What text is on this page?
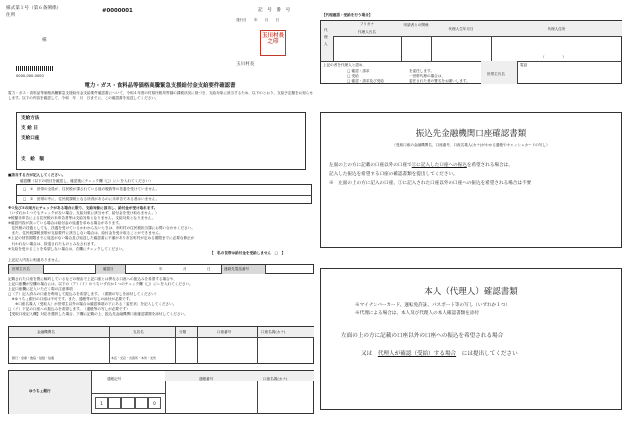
様式第１号（第６条関係）
住所
#0000001	記　号　番　号
発行日　　年　　月　　日
様
玉川村長之印
玉川村長
0000-000-0000
電力・ガス・食料品等価格高騰緊急支援給付金支給要件確認書
電力・ガス・食料品等価格高騰緊急支援給付金支給要件確認書について、令和４年度の村県民税均等割の課税状況に基づき、支給対象に該当するため、以下のとおり、支給予定額をお知らせします。以下の内容を確認して、令和　年　月　日までに、この確認書を返送してください。
支給方法
支 給 日
支給口座
支　給　額
■該当する方が記入してください。
確認欄（以下の項目を確認し、確認後にチェック欄（□）にレを入れてください）
□　①　世帯の全員が、住民税が課されている他の親族等の扶養を受けていません。
□　②　世帯の中に、住民税課税となる所得があるのに未申告である者はいません。
※①及び②の両方にチェックがある場合に限り、支給対象に該当し、給付金が受け取れます。
（いずれか１つでもチェックがない場合、支給対象に該当せず、給付金を受け取れません。）
※税額未申告による住民税の未申告者等は支給対象となりません。支給対象となりません。
※確認内容が誤っている場合は給付金の返還を求める場合があります。
　住民税の扶養としても、扶養を受けているかわからないときは、市町村の住民税担当課にお問い合わせください。
　また、住民税課税世帯が支給要件に該当しない場合は、給付金を受け取ることができません。
※上記の回答期限までに返送がない場合及び返送した確認書に不備があり市区町村が定める期限までに必要な修正が
　行われない場合は、辞退されたものとみなされます。
※支給を受けることを希望しない場合は、右欄にチェックしてください。
【　私の世帯は給付金を受給しません　□　】
上記記入内容に相違ありません。
世帯主氏名	確認日	年	月	日	連絡先電話番号
記載された口座を既に解約しているなどの理由で上記口座とは異なる口座への振込みを希望する場合や、
上記口座欄が空欄の場合には、以下の（ア）（イ）のうちいずれか１つのチェック欄（□）にレを入れてください。
上記口座欄に記入いただく際の注意事項
□（ア）記入済みの口座を利用して振込みを希望します。（書類の写しを添付してください）
　※ゆうちょ銀行の口座は不可です。また、通帳等の写しの添付が必要です。
　　※口座名義人（受取人）が世帯主以外の場合は確認事項の下にある「委任状」を記入してください。
□（イ）下記の口座への振込みを希望します。（通帳等の写しが必要です）
【受取口座記入欄】対応を選択した場合、下欄に記載の上、振込先金融機関口座確認書類を添付してください。
金融機関名	支店名	分類	口座番号	口座名義(カナ)
銀行・金庫・農協・信組・信連	本店・支店・出張所・本所・支所
ゆうちょ銀行
通帳記号
1	0
通帳番号	口座名義(カナ)
【代理確認・受給を行う場合】
代　理　人
フリガナ
代理人氏名
申請者との関係
代理人生年月日	代理人住所
（　　　　　）
上記の者を代理人と認め、
□ 確認・請求
□ 受給
□ 確認・請求及び受給
を委任します。
一世帯代理の場合は、
委任された者の署名をお願いします。
世帯主氏名
電話
振込先金融機関口座確認書類
（受取口座の金融機関名、口座番号、口座名義人(カナ)がわかる通帳やキャッシュカードの写し）
左面の上の方に記載の口座以外の口座で①に記入した口座への振込を希望される場合は、
記入した振込を希望する口座の確認書類を提出してください。
※　左面の上の方に記入の口座、①に記入された口座以外の口座への振込を希望される場合は不要
本人（代理人）確認書類
※マイナンバーカード、運転免許証、パスポート等の写し（いずれか１つ）
※代理による場合は、本人及び代理人の本人確認書類を添付
左面の上の方に記載の口座以外の口座への振込を希望される場合
又は　 代理人が確認（受給）する場合　 には提出してください
